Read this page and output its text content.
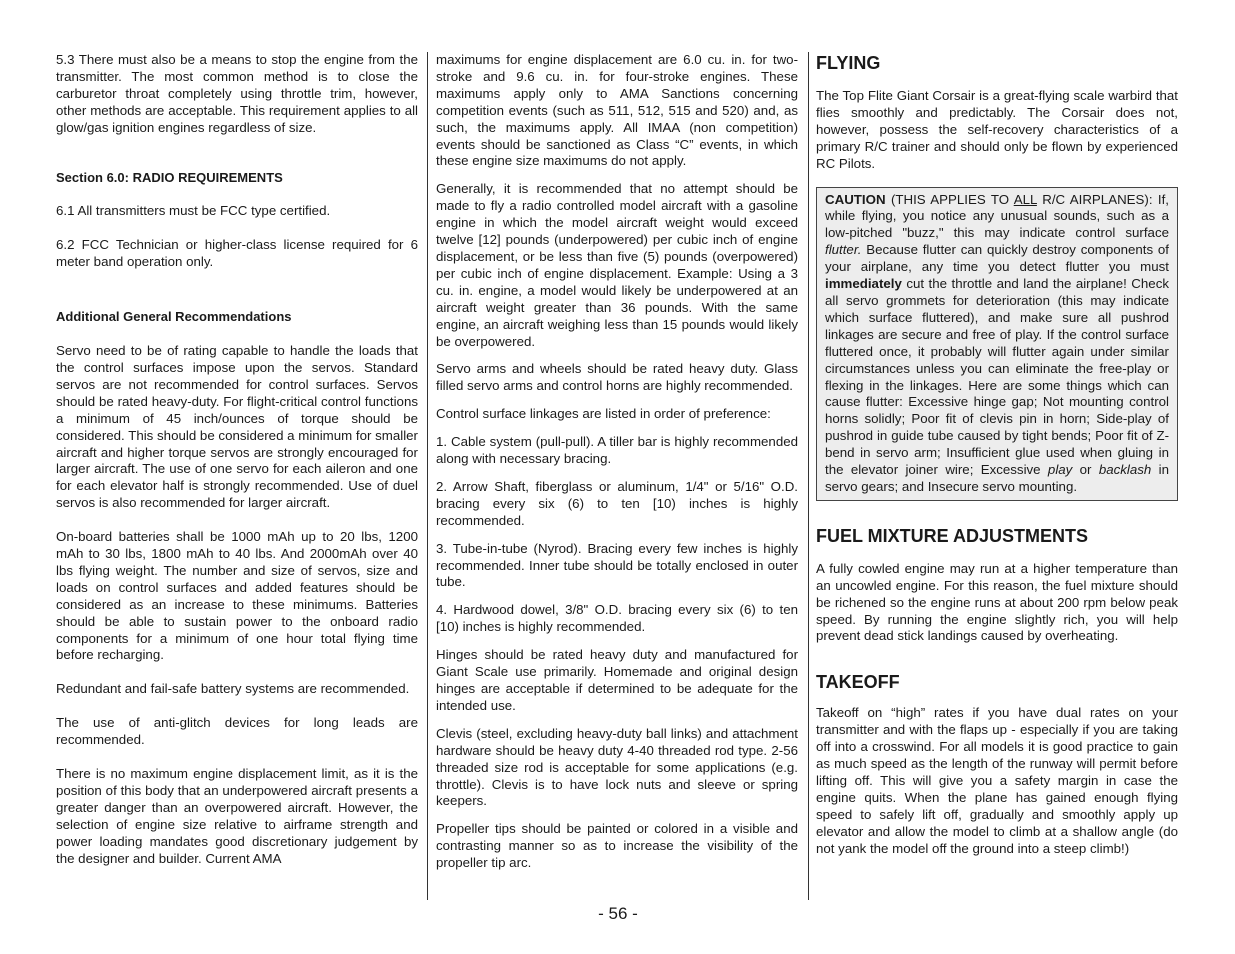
5.3 There must also be a means to stop the engine from the transmitter. The most common method is to close the carburetor throat completely using throttle trim, however, other methods are acceptable. This requirement applies to all glow/gas ignition engines regardless of size.

Section 6.0: RADIO REQUIREMENTS

6.1 All transmitters must be FCC type certified.

6.2 FCC Technician or higher-class license required for 6 meter band operation only.

Additional General Recommendations

Servo need to be of rating capable to handle the loads that the control surfaces impose upon the servos. Standard servos are not recommended for control surfaces. Servos should be rated heavy-duty. For flight-critical control functions a minimum of 45 inch/ounces of torque should be considered. This should be considered a minimum for smaller aircraft and higher torque servos are strongly encouraged for larger aircraft. The use of one servo for each aileron and one for each elevator half is strongly recommended. Use of duel servos is also recommended for larger aircraft.

On-board batteries shall be 1000 mAh up to 20 lbs, 1200 mAh to 30 lbs, 1800 mAh to 40 lbs. And 2000mAh over 40 lbs flying weight. The number and size of servos, size and loads on control surfaces and added features should be considered as an increase to these minimums. Batteries should be able to sustain power to the onboard radio components for a minimum of one hour total flying time before recharging.

Redundant and fail-safe battery systems are recommended.

The use of anti-glitch devices for long leads are recommended.

There is no maximum engine displacement limit, as it is the position of this body that an underpowered aircraft presents a greater danger than an overpowered aircraft. However, the selection of engine size relative to airframe strength and power loading mandates good discretionary judgement by the designer and builder. Current AMA

maximums for engine displacement are 6.0 cu. in. for two-stroke and 9.6 cu. in. for four-stroke engines. These maximums apply only to AMA Sanctions concerning competition events (such as 511, 512, 515 and 520) and, as such, the maximums apply. All IMAA (non competition) events should be sanctioned as Class “C” events, in which these engine size maximums do not apply.

Generally, it is recommended that no attempt should be made to fly a radio controlled model aircraft with a gasoline engine in which the model aircraft weight would exceed twelve [12] pounds (underpowered) per cubic inch of engine displacement, or be less than five (5) pounds (overpowered) per cubic inch of engine displacement. Example: Using a 3 cu. in. engine, a model would likely be underpowered at an aircraft weight greater than 36 pounds. With the same engine, an aircraft weighing less than 15 pounds would likely be overpowered.

Servo arms and wheels should be rated heavy duty. Glass filled servo arms and control horns are highly recommended.

Control surface linkages are listed in order of preference:

1. Cable system (pull-pull). A tiller bar is highly recommended along with necessary bracing.

2. Arrow Shaft, fiberglass or aluminum, 1/4" or 5/16" O.D. bracing every six (6) to ten [10) inches is highly recommended.

3. Tube-in-tube (Nyrod). Bracing every few inches is highly recommended. Inner tube should be totally enclosed in outer tube.

4. Hardwood dowel, 3/8" O.D. bracing every six (6) to ten [10) inches is highly recommended.

Hinges should be rated heavy duty and manufactured for Giant Scale use primarily. Homemade and original design hinges are acceptable if determined to be adequate for the intended use.

Clevis (steel, excluding heavy-duty ball links) and attachment hardware should be heavy duty 4-40 threaded rod type. 2-56 threaded size rod is acceptable for some applications (e.g. throttle). Clevis is to have lock nuts and sleeve or spring keepers.

Propeller tips should be painted or colored in a visible and contrasting manner so as to increase the visibility of the propeller tip arc.

FLYING

The Top Flite Giant Corsair is a great-flying scale warbird that flies smoothly and predictably. The Corsair does not, however, possess the self-recovery characteristics of a primary R/C trainer and should only be flown by experienced RC Pilots.

CAUTION (THIS APPLIES TO ALL R/C AIRPLANES): If, while flying, you notice any unusual sounds, such as a low-pitched "buzz," this may indicate control surface flutter. Because flutter can quickly destroy components of your airplane, any time you detect flutter you must immediately cut the throttle and land the airplane! Check all servo grommets for deterioration (this may indicate which surface fluttered), and make sure all pushrod linkages are secure and free of play. If the control surface fluttered once, it probably will flutter again under similar circumstances unless you can eliminate the free-play or flexing in the linkages. Here are some things which can cause flutter: Excessive hinge gap; Not mounting control horns solidly; Poor fit of clevis pin in horn; Side-play of pushrod in guide tube caused by tight bends; Poor fit of Z-bend in servo arm; Insufficient glue used when gluing in the elevator joiner wire; Excessive play or backlash in servo gears; and Insecure servo mounting.
FUEL MIXTURE ADJUSTMENTS

A fully cowled engine may run at a higher temperature than an uncowled engine. For this reason, the fuel mixture should be richened so the engine runs at about 200 rpm below peak speed. By running the engine slightly rich, you will help prevent dead stick landings caused by overheating.

TAKEOFF

Takeoff on “high” rates if you have dual rates on your transmitter and with the flaps up - especially if you are taking off into a crosswind. For all models it is good practice to gain as much speed as the length of the runway will permit before lifting off. This will give you a safety margin in case the engine quits. When the plane has gained enough flying speed to safely lift off, gradually and smoothly apply up elevator and allow the model to climb at a shallow angle (do not yank the model off the ground into a steep climb!)

- 56 -
